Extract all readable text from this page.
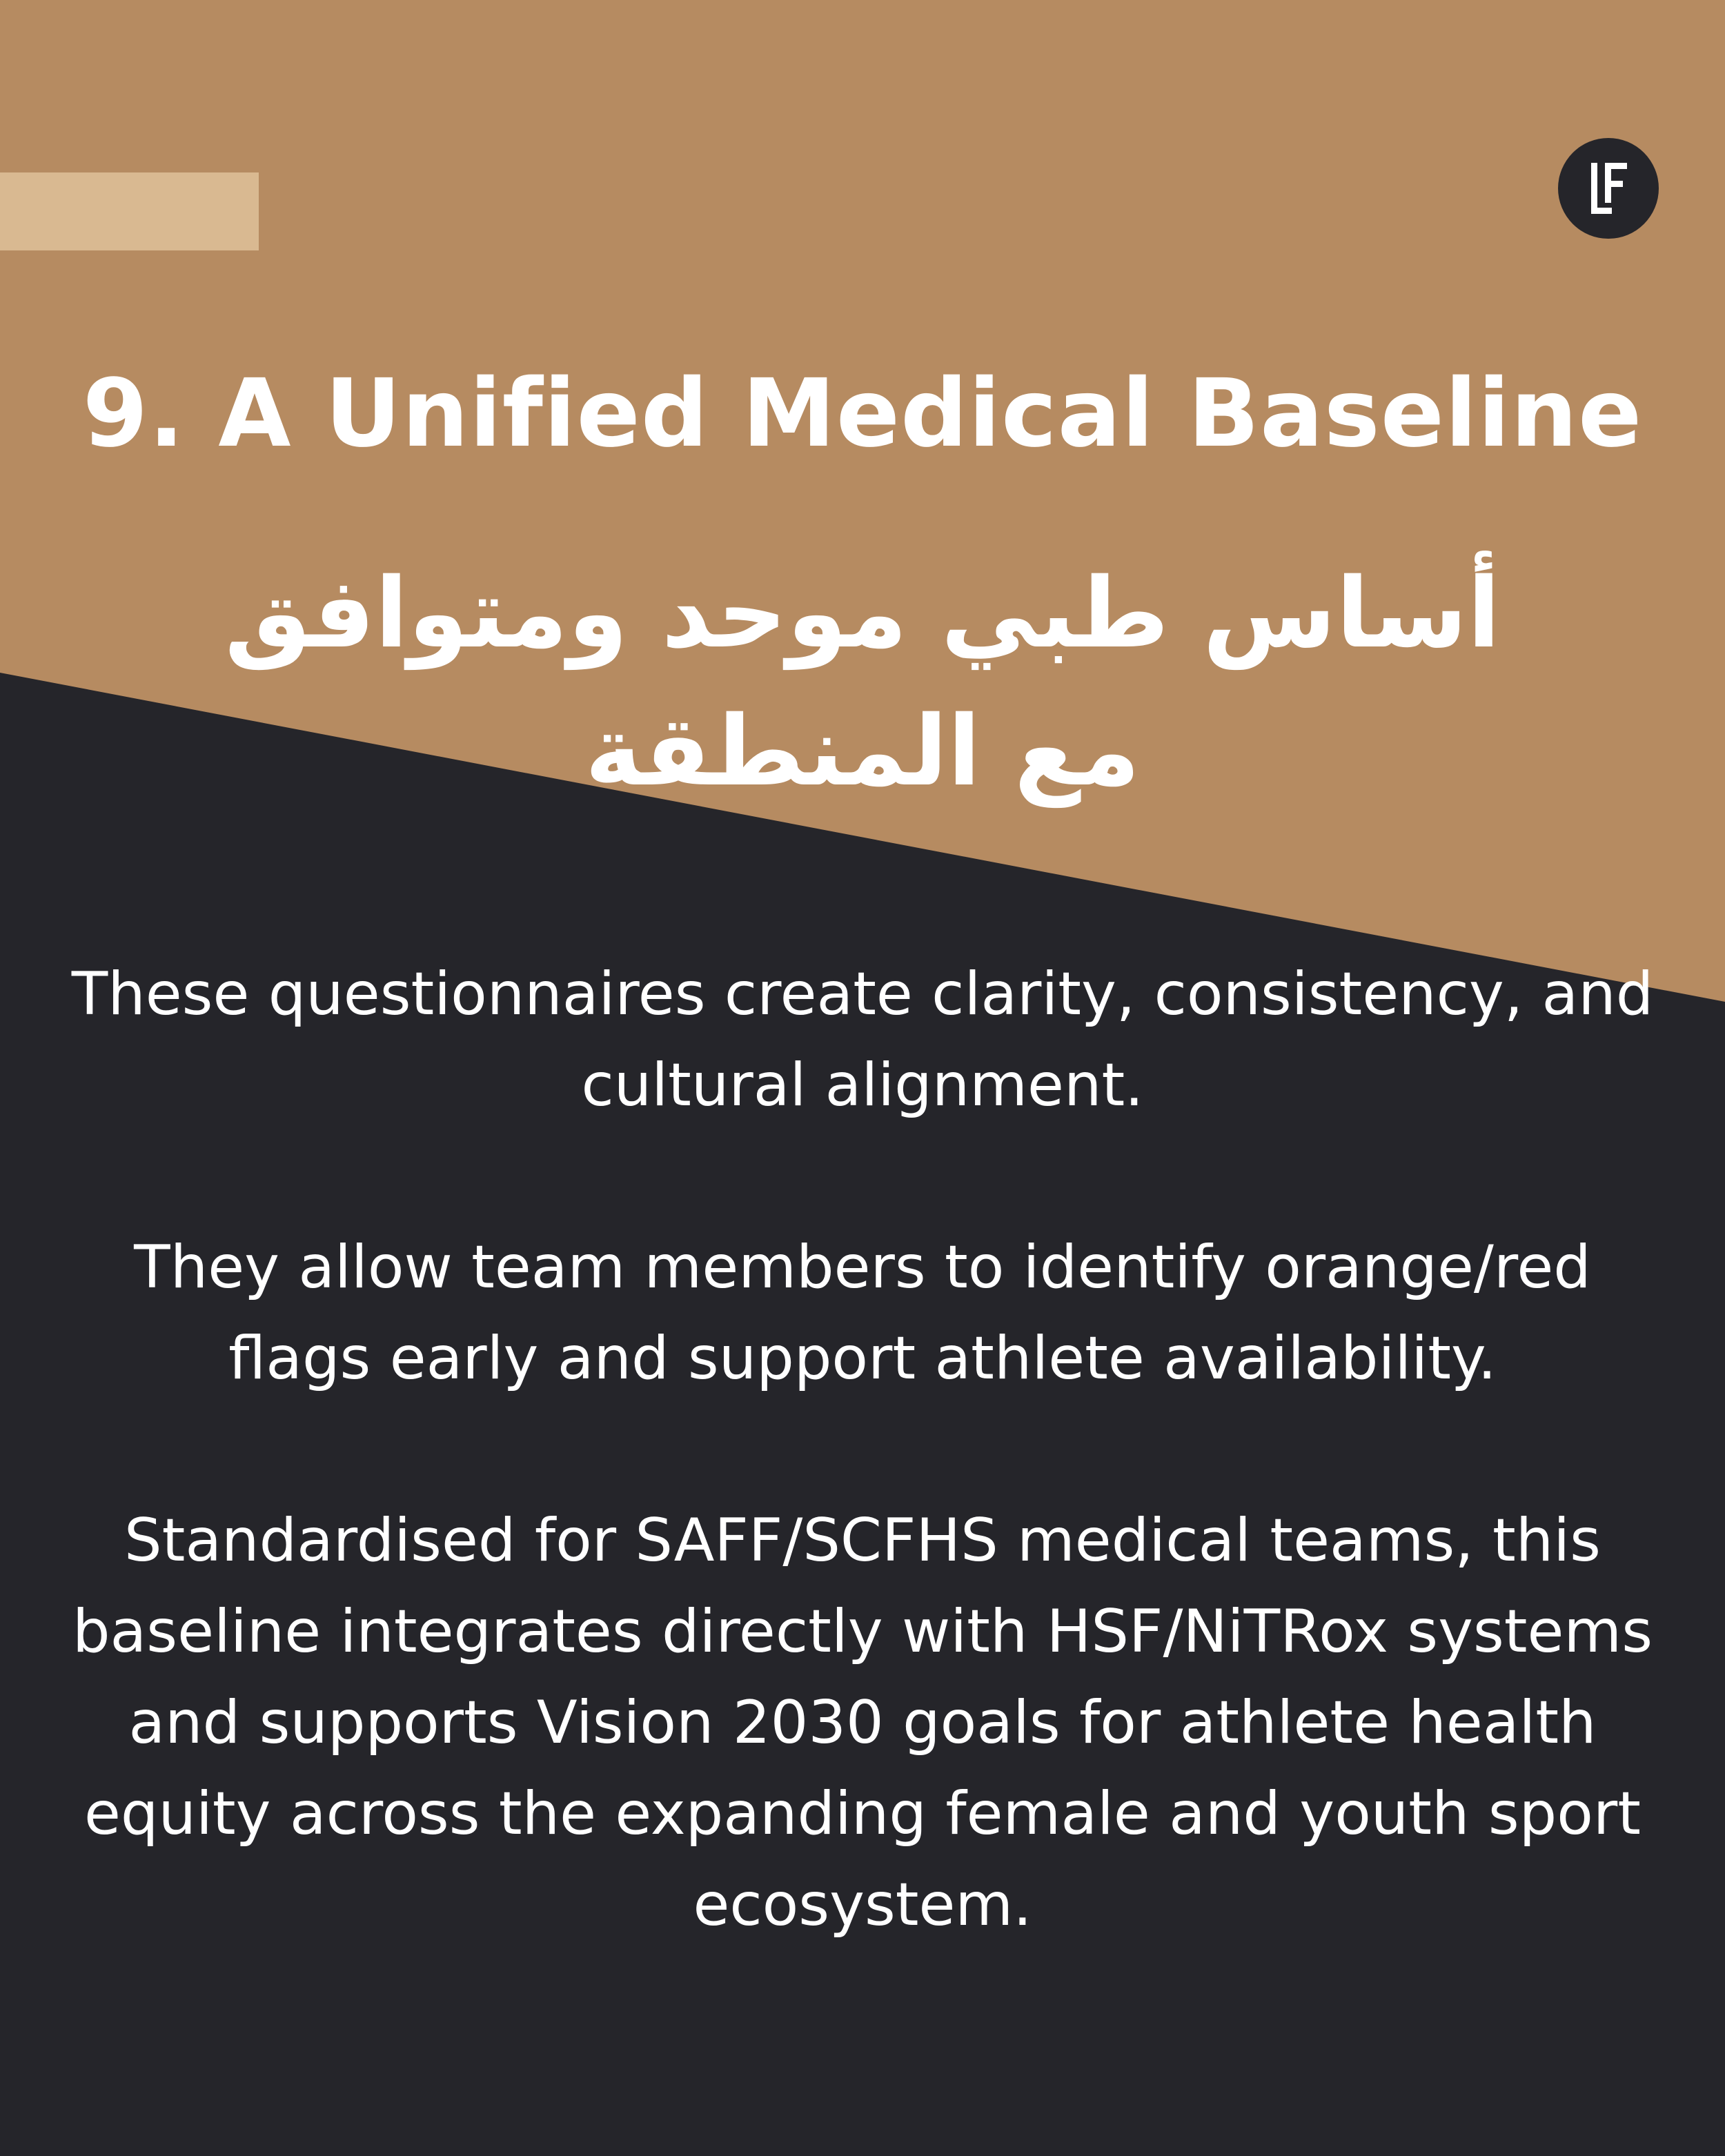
9. A Unified Medical Baseline
أساس طبي موحد ومتوافق مع المنطقة

These questionnaires create clarity, consistency, and cultural alignment.

They allow team members to identify orange/red flags early and support athlete availability.

Standardised for SAFF/SCFHS medical teams, this baseline integrates directly with HSF/NiTRox systems and supports Vision 2030 goals for athlete health equity across the expanding female and youth sport ecosystem.
